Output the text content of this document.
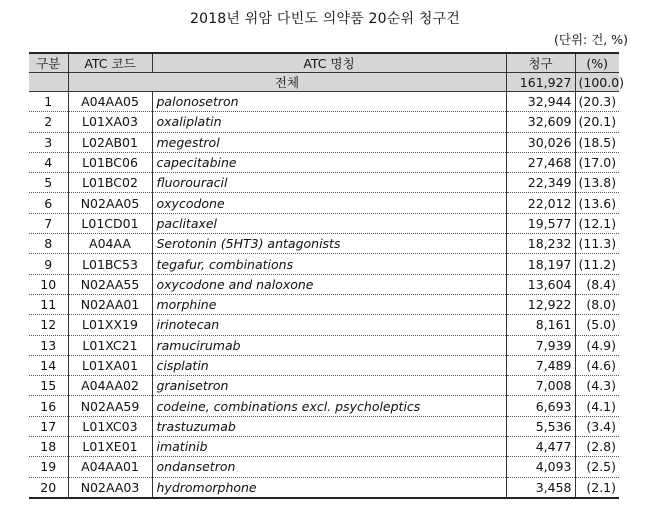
2018년 위암 다빈도 의약품 20순위 청구건
(단위: 건, %)
구분	ATC 코드	ATC 명칭	청구	(%)
	전체		161,927	(100.0)
1	A04AA05	palonosetron	32,944	(20.3)
2	L01XA03	oxaliplatin	32,609	(20.1)
3	L02AB01	megestrol	30,026	(18.5)
4	L01BC06	capecitabine	27,468	(17.0)
5	L01BC02	fluorouracil	22,349	(13.8)
6	N02AA05	oxycodone	22,012	(13.6)
7	L01CD01	paclitaxel	19,577	(12.1)
8	A04AA	Serotonin (5HT3) antagonists	18,232	(11.3)
9	L01BC53	tegafur, combinations	18,197	(11.2)
10	N02AA55	oxycodone and naloxone	13,604	(8.4)
11	N02AA01	morphine	12,922	(8.0)
12	L01XX19	irinotecan	8,161	(5.0)
13	L01XC21	ramucirumab	7,939	(4.9)
14	L01XA01	cisplatin	7,489	(4.6)
15	A04AA02	granisetron	7,008	(4.3)
16	N02AA59	codeine, combinations excl. psycholeptics	6,693	(4.1)
17	L01XC03	trastuzumab	5,536	(3.4)
18	L01XE01	imatinib	4,477	(2.8)
19	A04AA01	ondansetron	4,093	(2.5)
20	N02AA03	hydromorphone	3,458	(2.1)
